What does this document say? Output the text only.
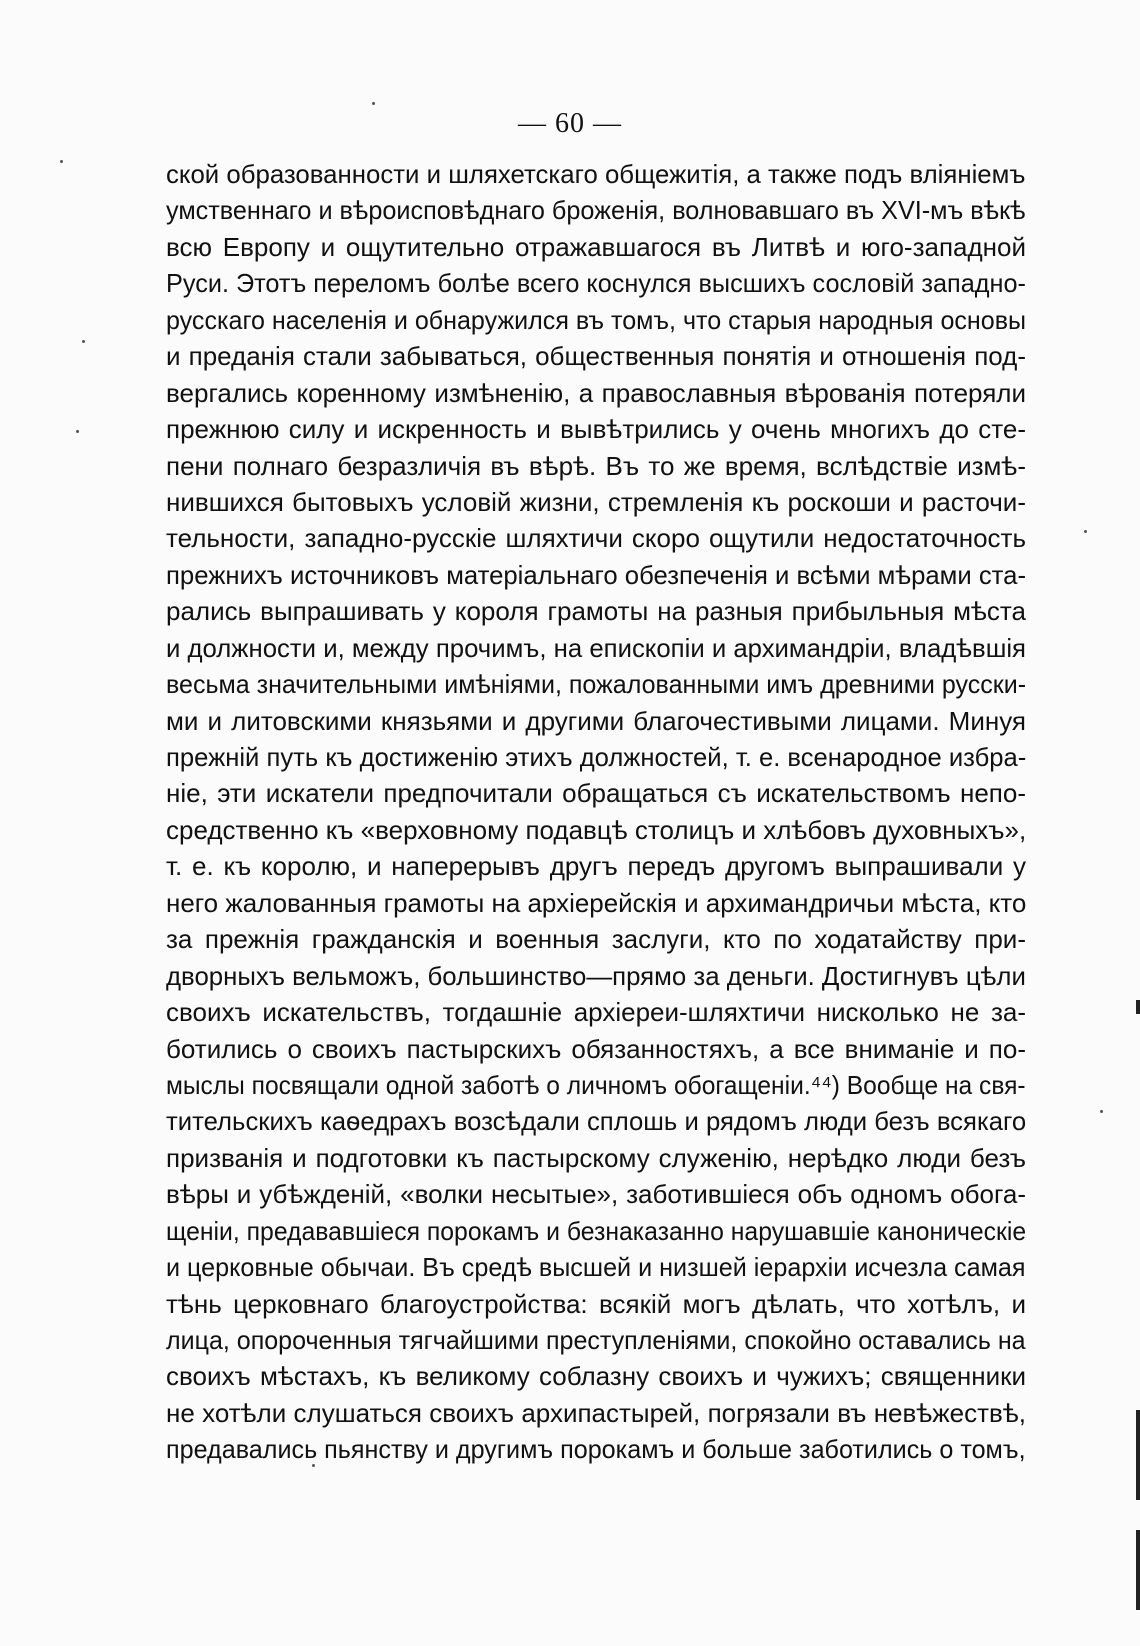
— 60 —
ской образованности и шляхетскаго общежитія, а также подъ вліяніемъ
умственнаго и вѣроисповѣднаго броженія, волновавшаго въ XVI-мъ вѣкѣ
всю Европу и ощутительно отражавшагося въ Литвѣ и юго-западной
Руси. Этотъ переломъ болѣе всего коснулся высшихъ сословій западно-
русскаго населенія и обнаружился въ томъ, что старыя народныя основы
и преданія стали забываться, общественныя понятія и отношенія под-
вергались коренному измѣненію, а православныя вѣрованія потеряли
прежнюю силу и искренность и вывѣтрились у очень многихъ до сте-
пени полнаго безразличія въ вѣрѣ. Въ то же время, вслѣдствіе измѣ-
нившихся бытовыхъ условій жизни, стремленія къ роскоши и расточи-
тельности, западно-русскіе шляхтичи скоро ощутили недостаточность
прежнихъ источниковъ матеріальнаго обезпеченія и всѣми мѣрами ста-
рались выпрашивать у короля грамоты на разныя прибыльныя мѣста
и должности и, между прочимъ, на епископіи и архимандріи, владѣвшія
весьма значительными имѣніями, пожалованными имъ древними русски-
ми и литовскими князьями и другими благочестивыми лицами. Минуя
прежній путь къ достиженію этихъ должностей, т. е. всенародное избра-
ніе, эти искатели предпочитали обращаться съ искательствомъ непо-
средственно къ «верховному подавцѣ столицъ и хлѣбовъ духовныхъ»,
т. е. къ королю, и наперерывъ другъ передъ другомъ выпрашивали у
него жалованныя грамоты на архіерейскія и архимандричьи мѣста, кто
за прежнія гражданскія и военныя заслуги, кто по ходатайству при-
дворныхъ вельможъ, большинство—прямо за деньги. Достигнувъ цѣли
своихъ искательствъ, тогдашніе архіереи-шляхтичи нисколько не за-
ботились о своихъ пастырскихъ обязанностяхъ, а все вниманіе и по-
мыслы посвящали одной заботѣ о личномъ обогащеніи.⁴⁴) Вообще на свя-
тительскихъ каѳедрахъ возсѣдали сплошь и рядомъ люди безъ всякаго
призванія и подготовки къ пастырскому служенію, нерѣдко люди безъ
вѣры и убѣжденій, «волки несытые», заботившіеся объ одномъ обога-
щеніи, предававшіеся порокамъ и безнаказанно нарушавшіе каноническіе
и церковные обычаи. Въ средѣ высшей и низшей іерархіи исчезла самая
тѣнь церковнаго благоустройства: всякій могъ дѣлать, что хотѣлъ, и
лица, опороченныя тягчайшими преступленіями, спокойно оставались на
своихъ мѣстахъ, къ великому соблазну своихъ и чужихъ; священники
не хотѣли слушаться своихъ архипастырей, погрязали въ невѣжествѣ,
предавались пьянству и другимъ порокамъ и больше заботились о томъ,
